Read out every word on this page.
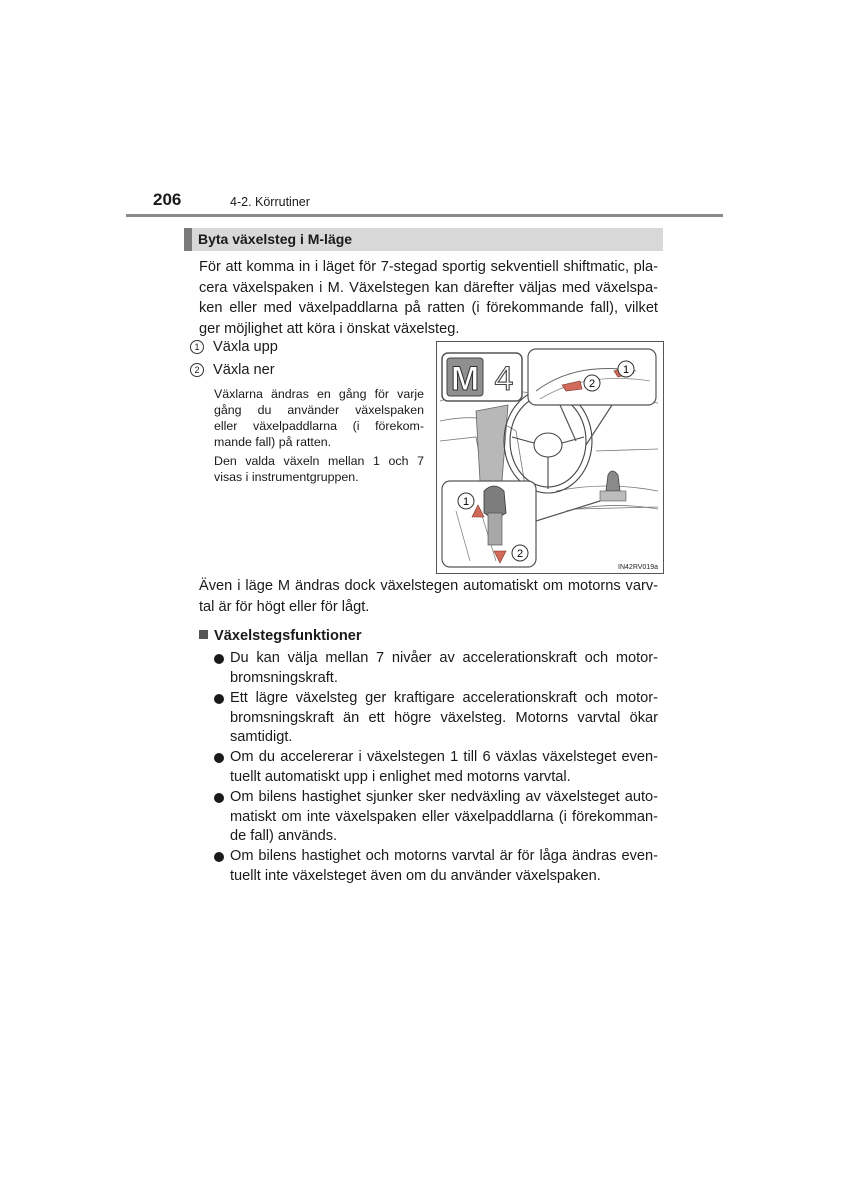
206	4-2. Körrutiner
Byta växelsteg i M-läge
För att komma in i läget för 7-stegad sportig sekventiell shiftmatic, pla-
cera växelspaken i M. Växelstegen kan därefter väljas med växelspa-
ken eller med växelpaddlarna på ratten (i förekommande fall), vilket
ger möjlighet att köra i önskat växelsteg.
1 Växla upp
2 Växla ner
Växlarna ändras en gång för varje
gång du använder växelspaken
eller växelpaddlarna (i förekom-
mande fall) på ratten.
Den valda växeln mellan 1 och 7
visas i instrumentgruppen.
M 4	1
2
1
2
IN42RV019a
Även i läge M ändras dock växelstegen automatiskt om motorns varv-
tal är för högt eller för lågt.
Växelstegsfunktioner
Du kan välja mellan 7 nivåer av accelerationskraft och motor-
bromsningskraft.
Ett lägre växelsteg ger kraftigare accelerationskraft och motor-
bromsningskraft än ett högre växelsteg. Motorns varvtal ökar
samtidigt.
Om du accelererar i växelstegen 1 till 6 växlas växelsteget even-
tuellt automatiskt upp i enlighet med motorns varvtal.
Om bilens hastighet sjunker sker nedväxling av växelsteget auto-
matiskt om inte växelspaken eller växelpaddlarna (i förekomman-
de fall) används.
Om bilens hastighet och motorns varvtal är för låga ändras even-
tuellt inte växelsteget även om du använder växelspaken.
